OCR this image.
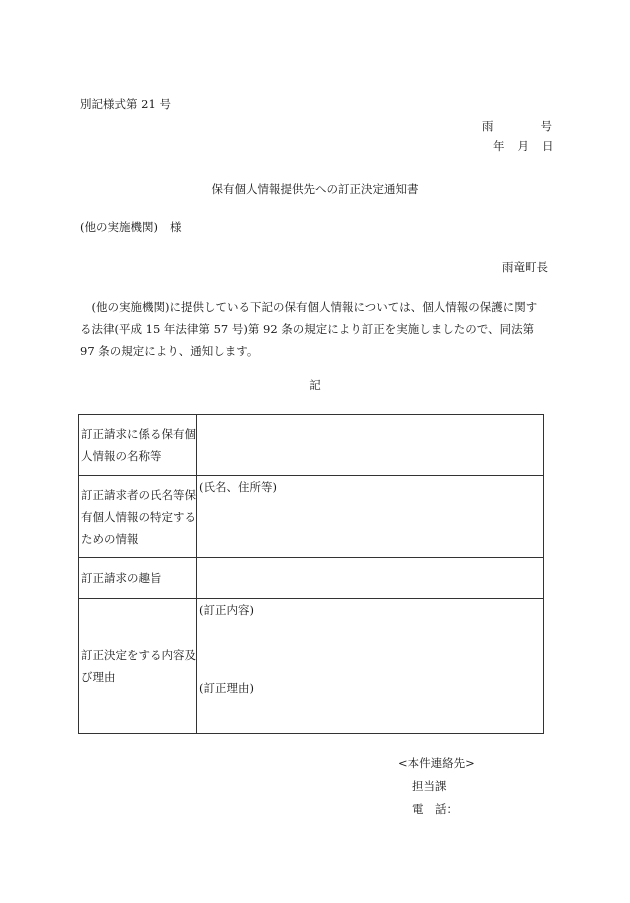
別記様式第 21 号
雨	号
年 月 日
保有個人情報提供先への訂正決定通知書
(他の実施機関) 様
雨竜町長
　(他の実施機関)に提供している下記の保有個人情報については、個人情報の保護に関する法律(平成 15 年法律第 57 号)第 92 条の規定により訂正を実施しましたので、同法第 97 条の規定により、通知します。
記
訂正請求に係る保有個人情報の名称等	
訂正請求者の氏名等保有個人情報の特定するための情報	(氏名、住所等)
訂正請求の趣旨	
訂正決定をする内容及び理由	(訂正内容)
(訂正理由)
<本件連絡先>
担当課
電　話：
